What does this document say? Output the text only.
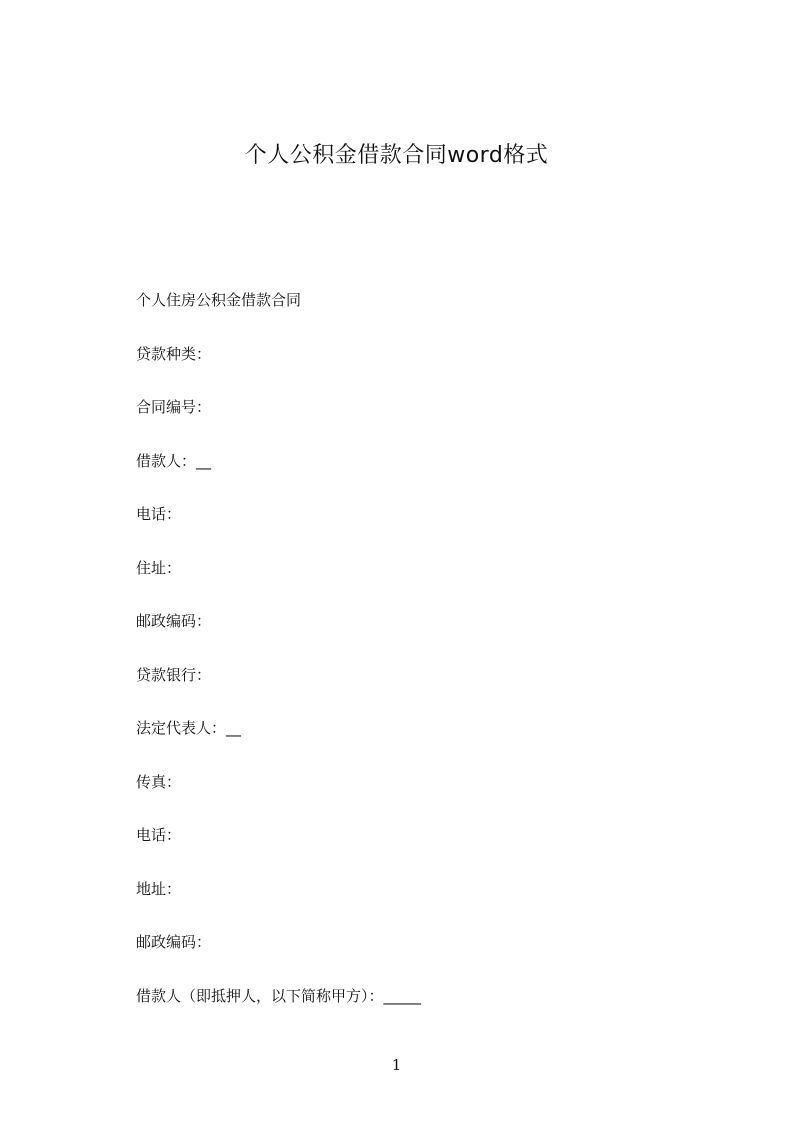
个人公积金借款合同word格式
个人住房公积金借款合同
贷款种类：
合同编号：
借款人：__
电话：
住址：
邮政编码：
贷款银行：
法定代表人：__
传真：
电话：
地址：
邮政编码：
借款人（即抵押人，以下简称甲方）：_____
1
